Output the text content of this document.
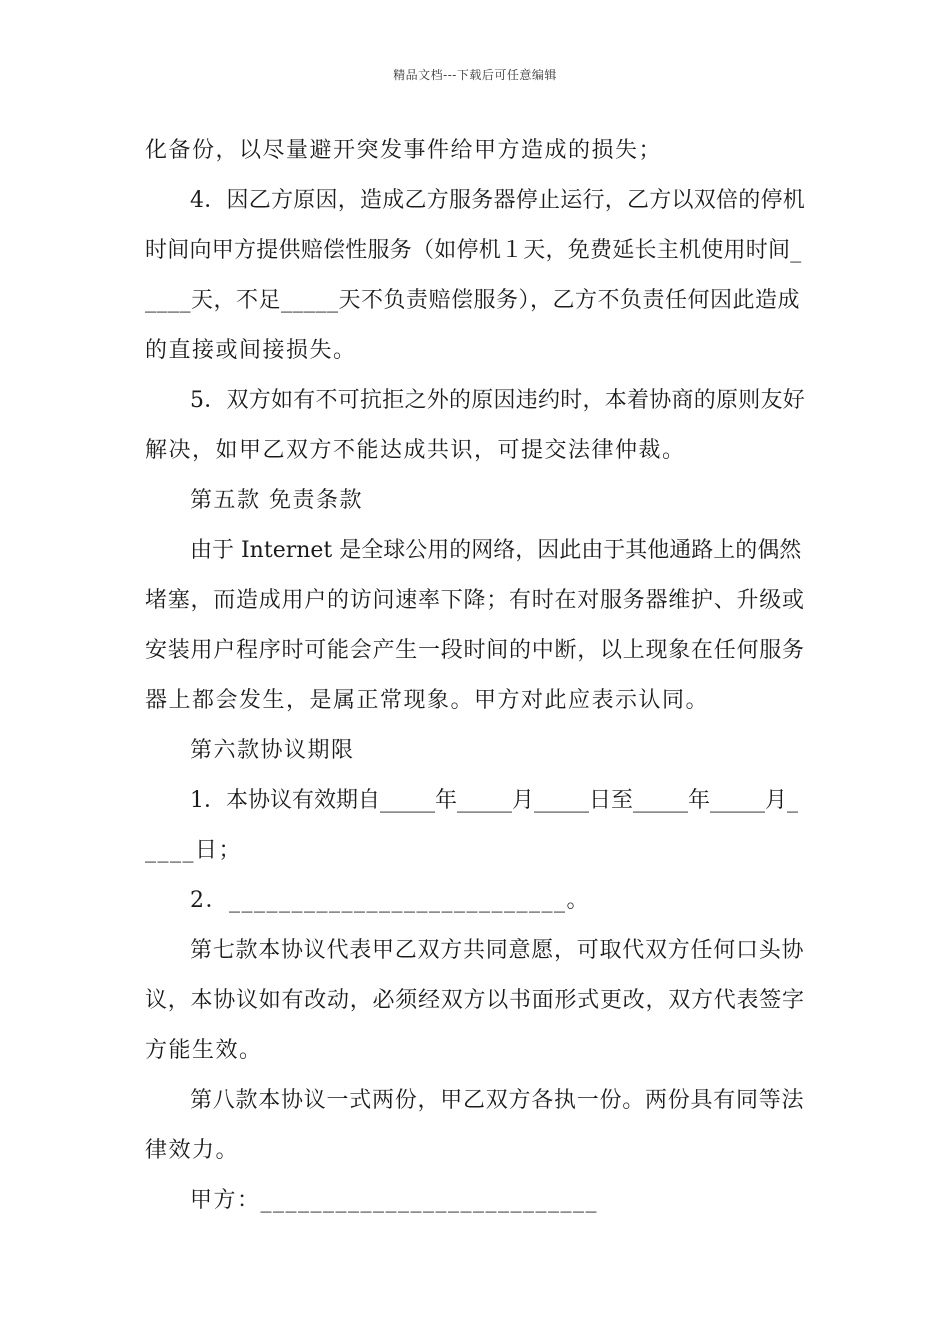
精品文档---下载后可任意编辑
化备份，以尽量避开突发事件给甲方造成的损失；
4．因乙方原因，造成乙方服务器停止运行，乙方以双倍的停机
时间向甲方提供赔偿性服务（如停机１天，免费延长主机使用时间_
____天，不足_____天不负责赔偿服务），乙方不负责任何因此造成
的直接或间接损失。
5．双方如有不可抗拒之外的原因违约时，本着协商的原则友好
解决，如甲乙双方不能达成共识，可提交法律仲裁。
第五款 免责条款
由于 Internet 是全球公用的网络，因此由于其他通路上的偶然
堵塞，而造成用户的访问速率下降；有时在对服务器维护、升级或
安装用户程序时可能会产生一段时间的中断，以上现象在任何服务
器上都会发生，是属正常现象。甲方对此应表示认同。
第六款协议期限
1．本协议有效期自_____年_____月_____日至_____年_____月_
____日；
2．___________________________。
第七款本协议代表甲乙双方共同意愿，可取代双方任何口头协
议，本协议如有改动，必须经双方以书面形式更改，双方代表签字
方能生效。
第八款本协议一式两份，甲乙双方各执一份。两份具有同等法
律效力。
甲方：___________________________
